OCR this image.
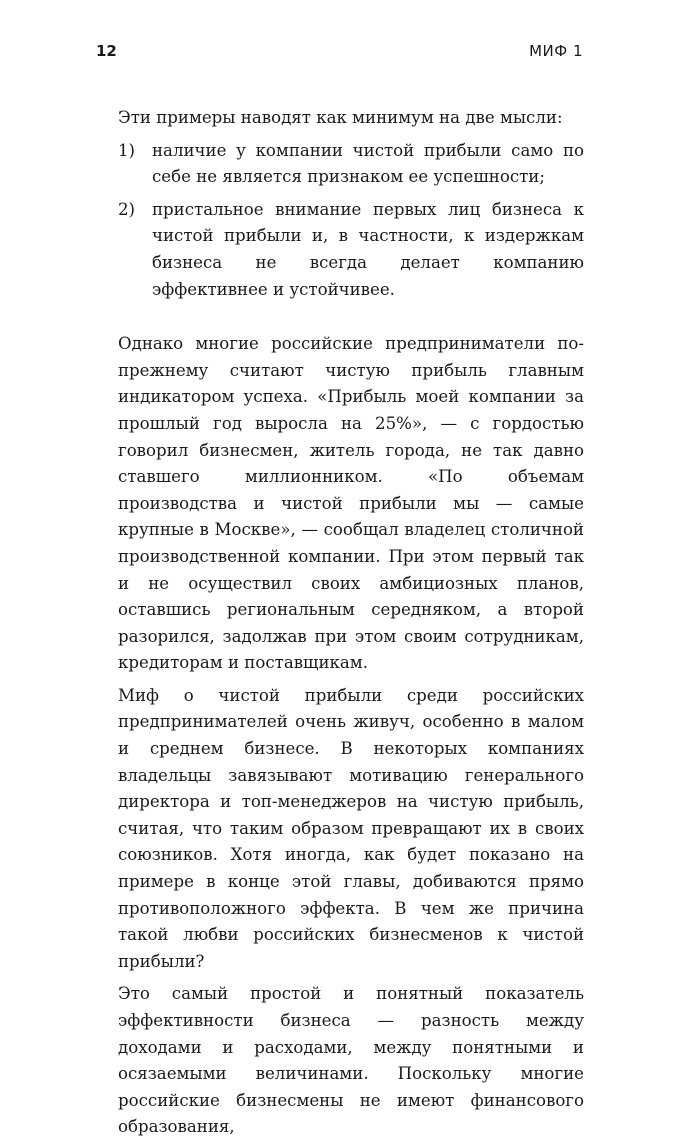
12	МИФ 1

Эти примеры наводят как минимум на две мысли:

1) наличие у компании чистой прибыли само по себе не является признаком ее успешности;
2) пристальное внимание первых лиц бизнеса к чистой прибыли и, в частности, к издержкам бизнеса не всегда делает компанию эффективнее и устойчивее.

Однако многие российские предприниматели по-прежнему считают чистую прибыль главным индикатором успеха. «Прибыль моей компании за прошлый год выросла на 25%», — с гордостью говорил бизнесмен, житель города, не так давно ставшего миллионником. «По объемам производства и чистой прибыли мы — самые крупные в Москве», — сообщал владелец столичной производственной компании. При этом первый так и не осуществил своих амбициозных планов, оставшись региональным середняком, а второй разорился, задолжав при этом своим сотрудникам, кредиторам и поставщикам.

Миф о чистой прибыли среди российских предпринимателей очень живуч, особенно в малом и среднем бизнесе. В некоторых компаниях владельцы завязывают мотивацию генерального директора и топ-менеджеров на чистую прибыль, считая, что таким образом превращают их в своих союзников. Хотя иногда, как будет показано на примере в конце этой главы, добиваются прямо противоположного эффекта. В чем же причина такой любви российских бизнесменов к чистой прибыли?

Это самый простой и понятный показатель эффективности бизнеса — разность между доходами и расходами, между понятными и осязаемыми величинами. Поскольку многие российские бизнесмены не имеют финансового образования,
